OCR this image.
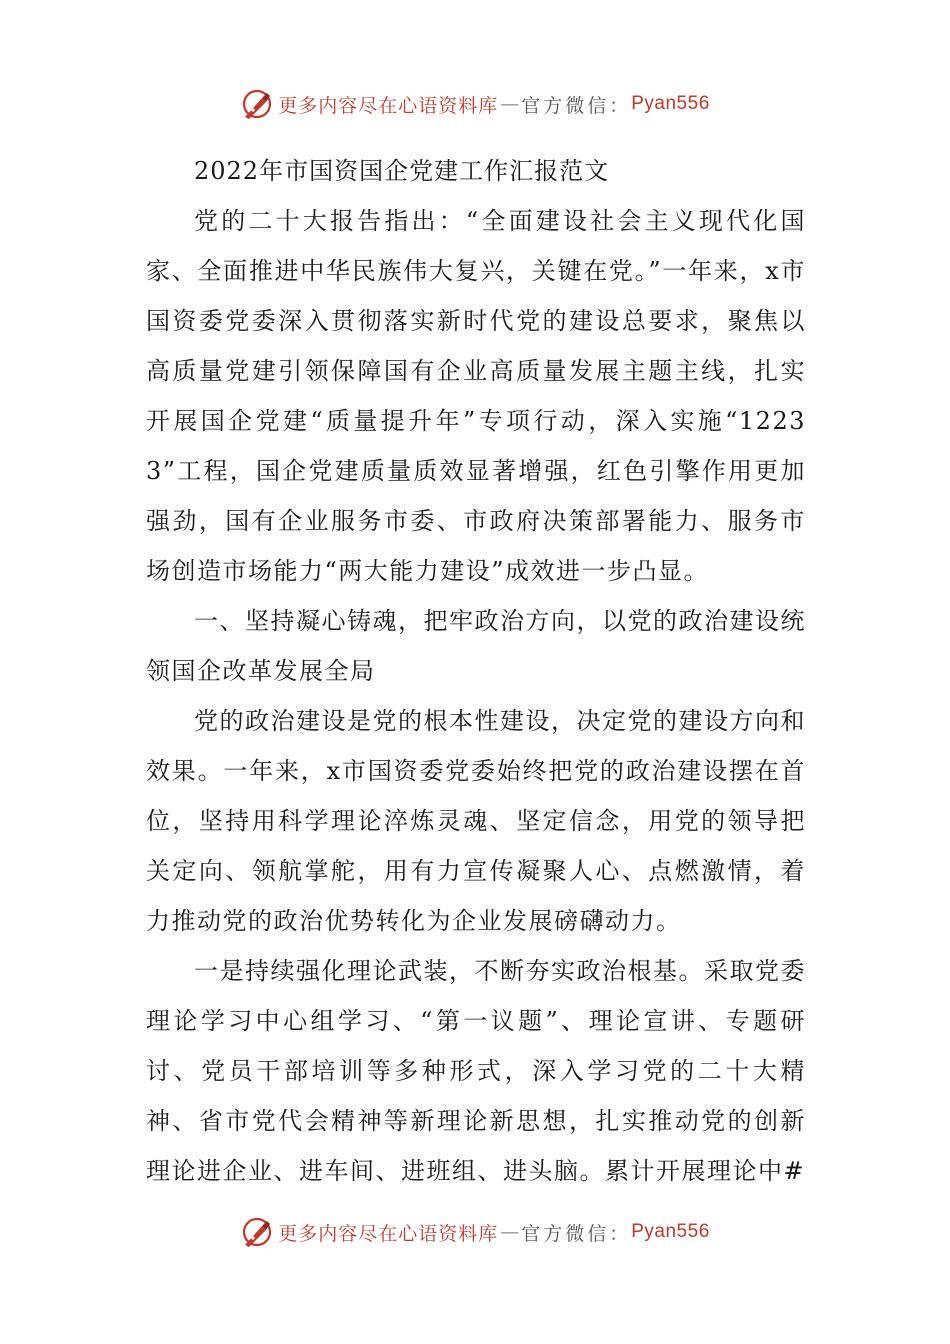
更多内容尽在心语资料库 — 官方微信： Pyan556
2022年市国资国企党建工作汇报范文

党的二十大报告指出：“全面建设社会主义现代化国家、全面推进中华民族伟大复兴，关键在党。”一年来，x市国资委党委深入贯彻落实新时代党的建设总要求，聚焦以高质量党建引领保障国有企业高质量发展主题主线，扎实开展国企党建“质量提升年”专项行动，深入实施“12233”工程，国企党建质量质效显著增强，红色引擎作用更加强劲，国有企业服务市委、市政府决策部署能力、服务市场创造市场能力“两大能力建设”成效进一步凸显。

一、坚持凝心铸魂，把牢政治方向，以党的政治建设统领国企改革发展全局

党的政治建设是党的根本性建设，决定党的建设方向和效果。一年来，x市国资委党委始终把党的政治建设摆在首位，坚持用科学理论淬炼灵魂、坚定信念，用党的领导把关定向、领航掌舵，用有力宣传凝聚人心、点燃激情，着力推动党的政治优势转化为企业发展磅礴动力。

一是持续强化理论武装，不断夯实政治根基。采取党委理论学习中心组学习、“第一议题”、理论宣讲、专题研讨、党员干部培训等多种形式，深入学习党的二十大精神、省市党代会精神等新理论新思想，扎实推动党的创新理论进企业、进车间、进班组、进头脑。累计开展理论中#

更多内容尽在心语资料库 — 官方微信： Pyan556
